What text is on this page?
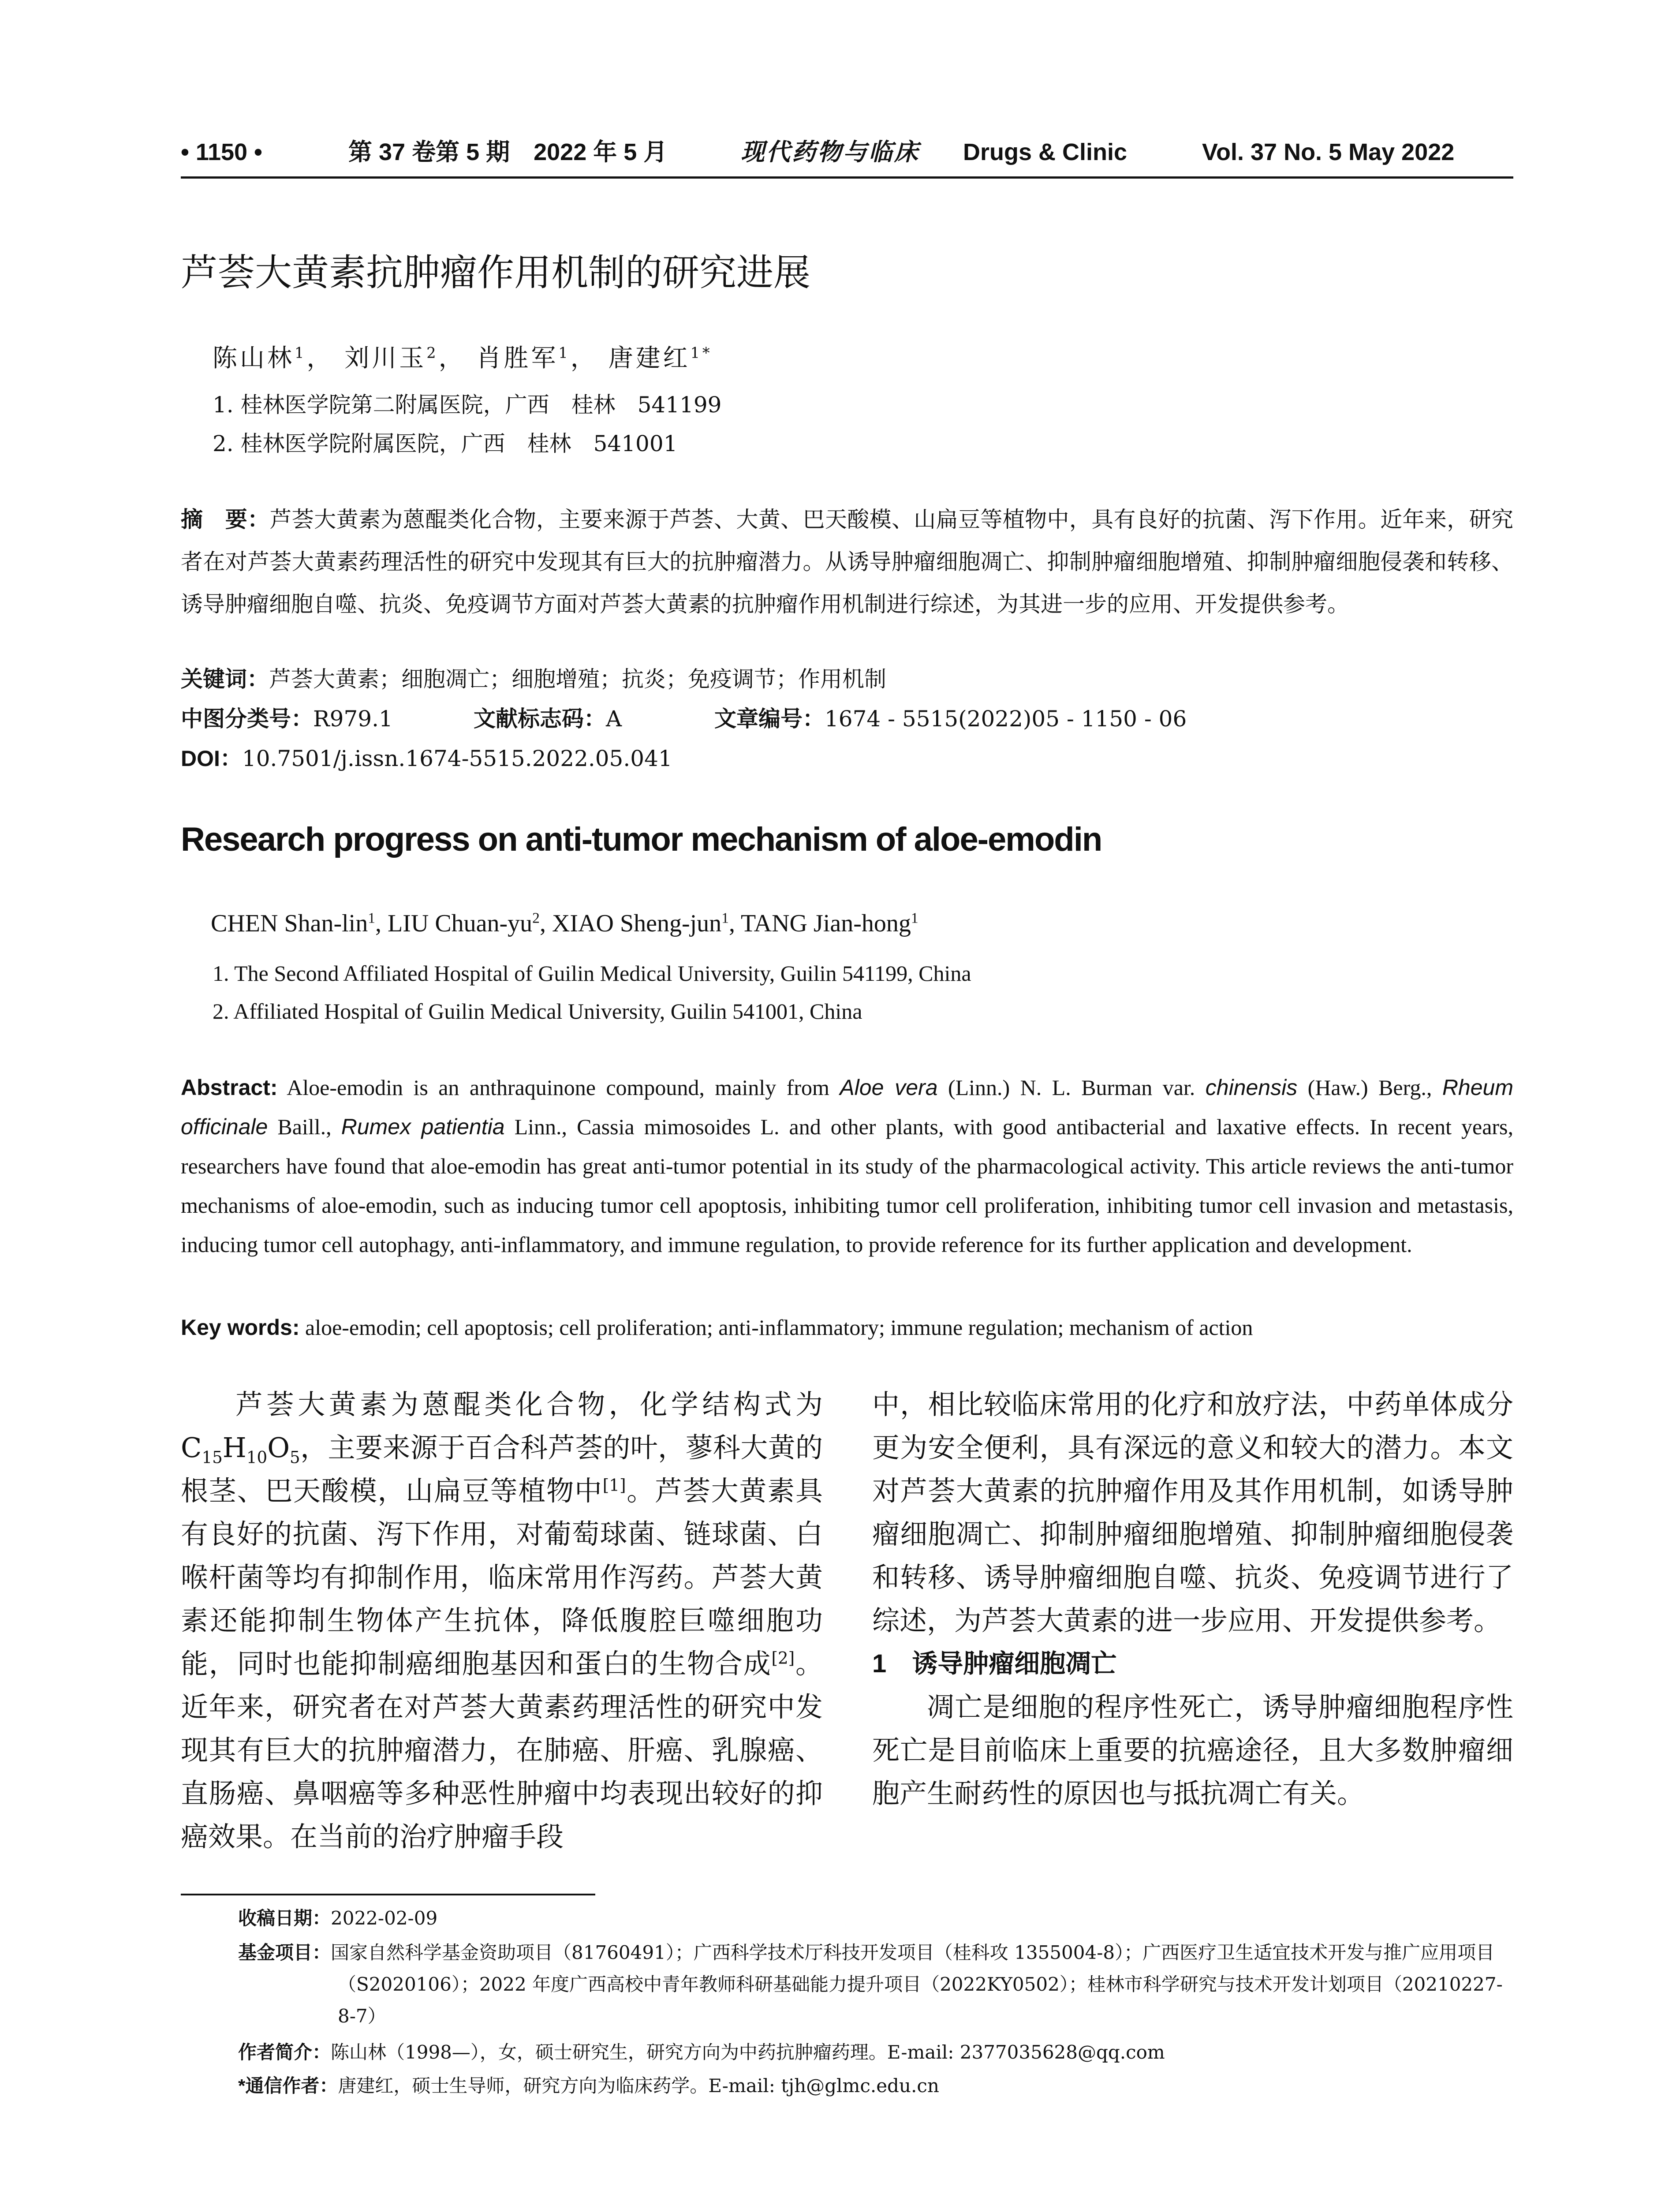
• 1150 •	第 37 卷第 5 期　2022 年 5 月	现代药物与临床 Drugs & Clinic	Vol. 37 No. 5 May 2022
芦荟大黄素抗肿瘤作用机制的研究进展
陈山林$^1$， 刘川玉$^2$， 肖胜军$^1$， 唐建红$^{1*}$
1. 桂林医学院第二附属医院，广西　桂林　541199
2. 桂林医学院附属医院，广西　桂林　541001
摘　要：芦荟大黄素为蒽醌类化合物，主要来源于芦荟、大黄、巴天酸模、山扁豆等植物中，具有良好的抗菌、泻下作用。近年来，研究者在对芦荟大黄素药理活性的研究中发现其有巨大的抗肿瘤潜力。从诱导肿瘤细胞凋亡、抑制肿瘤细胞增殖、抑制肿瘤细胞侵袭和转移、诱导肿瘤细胞自噬、抗炎、免疫调节方面对芦荟大黄素的抗肿瘤作用机制进行综述，为其进一步的应用、开发提供参考。
关键词：芦荟大黄素；细胞凋亡；细胞增殖；抗炎；免疫调节；作用机制
中图分类号：R979.1	文献标志码：A	文章编号：1674 - 5515(2022)05 - 1150 - 06
DOI：10.7501/j.issn.1674-5515.2022.05.041
Research progress on anti-tumor mechanism of aloe-emodin
CHEN Shan-lin$^1$, LIU Chuan-$yu^2$, XIAO Sheng-jun$^1$, TANG Jian-hong$^1$
1. The Second Affiliated Hospital of Guilin Medical University, Guilin 541199, China
2. Affiliated Hospital of Guilin Medical University, Guilin 541001, China
Abstract: Aloe-emodin is an anthraquinone compound, mainly from Aloe vera (Linn.) N. L. Burman var. chinensis (Haw.) Berg., Rheum officinale Baill., Rumex patientia Linn., Cassia mimosoides L. and other plants, with good antibacterial and laxative effects. In recent years, researchers have found that aloe-emodin has great anti-tumor potential in its study of the pharmacological activity. This article reviews the anti-tumor mechanisms of aloe-emodin, such as inducing tumor cell apoptosis, inhibiting tumor cell proliferation, inhibiting tumor cell invasion and metastasis, inducing tumor cell autophagy, anti-inflammatory, and immune regulation, to provide reference for its further application and development.
Key words: aloe-emodin; cell apoptosis; cell proliferation; anti-inflammatory; immune regulation; mechanism of action

芦荟大黄素为蒽醌类化合物，化学结构式为 $C_{15}H_{10}O_5$，主要来源于百合科芦荟的叶，蓼科大黄的根茎、巴天酸模，山扁豆等植物中[1]。芦荟大黄素具有良好的抗菌、泻下作用，对葡萄球菌、链球菌、白喉杆菌等均有抑制作用，临床常用作泻药。芦荟大黄素还能抑制生物体产生抗体，降低腹腔巨噬细胞功能，同时也能抑制癌细胞基因和蛋白的生物合成[2]。近年来，研究者在对芦荟大黄素药理活性的研究中发现其有巨大的抗肿瘤潜力，在肺癌、肝癌、乳腺癌、直肠癌、鼻咽癌等多种恶性肿瘤中均表现出较好的抑癌效果。在当前的治疗肿瘤手段

中，相比较临床常用的化疗和放疗法，中药单体成分更为安全便利，具有深远的意义和较大的潜力。本文对芦荟大黄素的抗肿瘤作用及其作用机制，如诱导肿瘤细胞凋亡、抑制肿瘤细胞增殖、抑制肿瘤细胞侵袭和转移、诱导肿瘤细胞自噬、抗炎、免疫调节进行了综述，为芦荟大黄素的进一步应用、开发提供参考。

1　诱导肿瘤细胞凋亡

凋亡是细胞的程序性死亡，诱导肿瘤细胞程序性死亡是目前临床上重要的抗癌途径，且大多数肿瘤细胞产生耐药性的原因也与抵抗凋亡有关。

收稿日期：2022-02-09
基金项目：国家自然科学基金资助项目（81760491）；广西科学技术厅科技开发项目（桂科攻 1355004-8）；广西医疗卫生适宜技术开发与推广应用项目（S2020106）；2022 年度广西高校中青年教师科研基础能力提升项目（2022KY0502）；桂林市科学研究与技术开发计划项目（20210227-8-7）
作者简介：陈山林（1998—），女，硕士研究生，研究方向为中药抗肿瘤药理。E-mail: 2377035628@qq.com
*通信作者：唐建红，硕士生导师，研究方向为临床药学。E-mail: tjh@glmc.edu.cn
